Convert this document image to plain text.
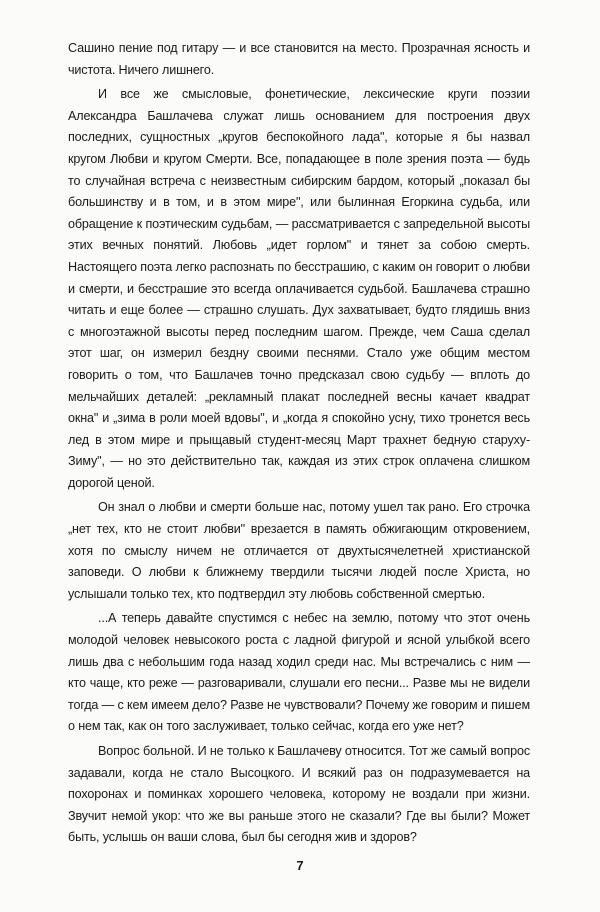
Сашино пение под гитару — и все становится на место. Прозрачная ясность и чистота. Ничего лишнего.

И все же смысловые, фонетические, лексические круги поэзии Александра Башлачева служат лишь основанием для построения двух последних, сущностных „кругов беспокойного лада", которые я бы назвал кругом Любви и кругом Смерти. Все, попадающее в поле зрения поэта — будь то случайная встреча с неизвестным сибирским бардом, который „показал бы большинству и в том, и в этом мире", или былинная Егоркина судьба, или обращение к поэтическим судьбам, — рассматривается с запредельной высоты этих вечных понятий. Любовь „идет горлом" и тянет за собою смерть. Настоящего поэта легко распознать по бесстрашию, с каким он говорит о любви и смерти, и бесстрашие это всегда оплачивается судьбой. Башлачева страшно читать и еще более — страшно слушать. Дух захватывает, будто глядишь вниз с многоэтажной высоты перед последним шагом. Прежде, чем Саша сделал этот шаг, он измерил бездну своими песнями. Стало уже общим местом говорить о том, что Башлачев точно предсказал свою судьбу — вплоть до мельчайших деталей: „рекламный плакат последней весны качает квадрат окна" и „зима в роли моей вдовы", и „когда я спокойно усну, тихо тронется весь лед в этом мире и прыщавый студент-месяц Март трахнет бедную старуху-Зиму", — но это действительно так, каждая из этих строк оплачена слишком дорогой ценой.

Он знал о любви и смерти больше нас, потому ушел так рано. Его строчка „нет тех, кто не стоит любви" врезается в память обжигающим откровением, хотя по смыслу ничем не отличается от двухтысячелетней христианской заповеди. О любви к ближнему твердили тысячи людей после Христа, но услышали только тех, кто подтвердил эту любовь собственной смертью.

...А теперь давайте спустимся с небес на землю, потому что этот очень молодой человек невысокого роста с ладной фигурой и ясной улыбкой всего лишь два с небольшим года назад ходил среди нас. Мы встречались с ним — кто чаще, кто реже — разговаривали, слушали его песни... Разве мы не видели тогда — с кем имеем дело? Разве не чувствовали? Почему же говорим и пишем о нем так, как он того заслуживает, только сейчас, когда его уже нет?

Вопрос больной. И не только к Башлачеву относится. Тот же самый вопрос задавали, когда не стало Высоцкого. И всякий раз он подразумевается на похоронах и поминках хорошего человека, которому не воздали при жизни. Звучит немой укор: что же вы раньше этого не сказали? Где вы были? Может быть, услышь он ваши слова, был бы сегодня жив и здоров?

7
